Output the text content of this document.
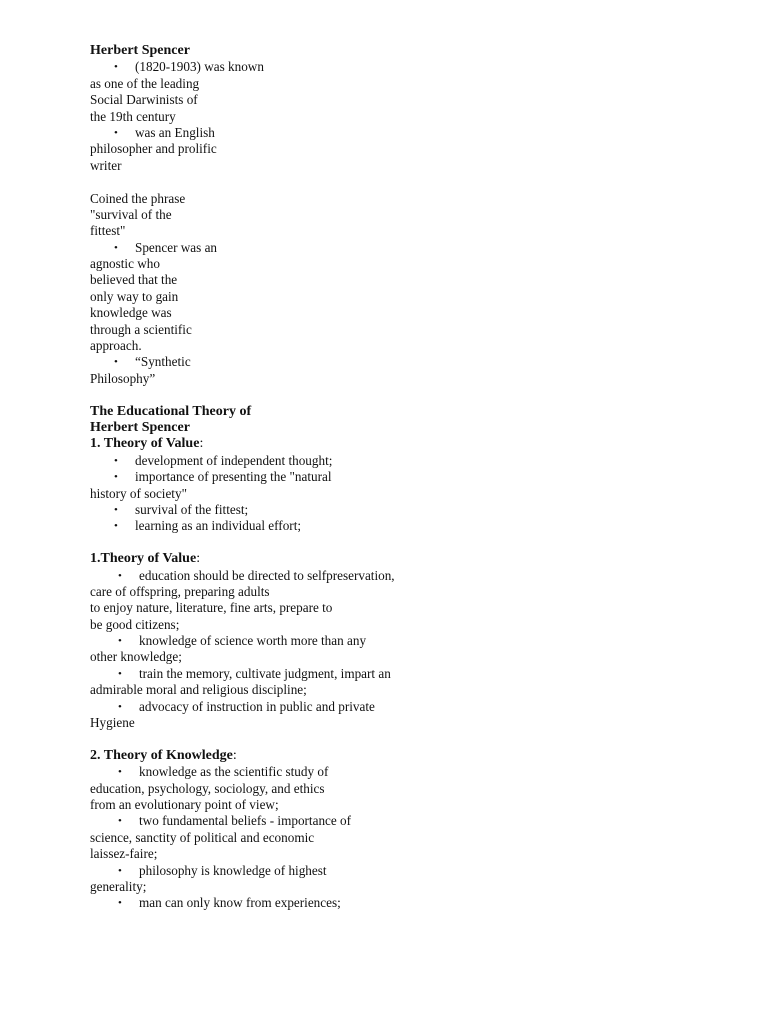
Herbert Spencer

•

(1820-1903) was known

as one of the leading
Social Darwinists of
the 19th century

•

was an English

philosopher and prolific
writer
Coined the phrase
"survival of the
fittest"

•

Spencer was an

agnostic who
believed that the
only way to gain
knowledge was
through a scientific
approach.

•

“Synthetic

Philosophy”
The Educational Theory of
Herbert Spencer
1. Theory of Value:

•

development of independent thought;

•

importance of presenting the "natural

history of society"

•

survival of the fittest;

•

learning as an individual effort;

1.Theory of Value:

•

education should be directed to selfpreservation,

care of offspring, preparing adults
to enjoy nature, literature, fine arts, prepare to
be good citizens;

•

knowledge of science worth more than any

other knowledge;

•

train the memory, cultivate judgment, impart an

admirable moral and religious discipline;

•

advocacy of instruction in public and private

Hygiene
2. Theory of Knowledge:

•

knowledge as the scientific study of

education, psychology, sociology, and ethics
from an evolutionary point of view;

•

two fundamental beliefs - importance of

science, sanctity of political and economic
laissez-faire;

•

philosophy is knowledge of highest

generality;

•

man can only know from experiences;
